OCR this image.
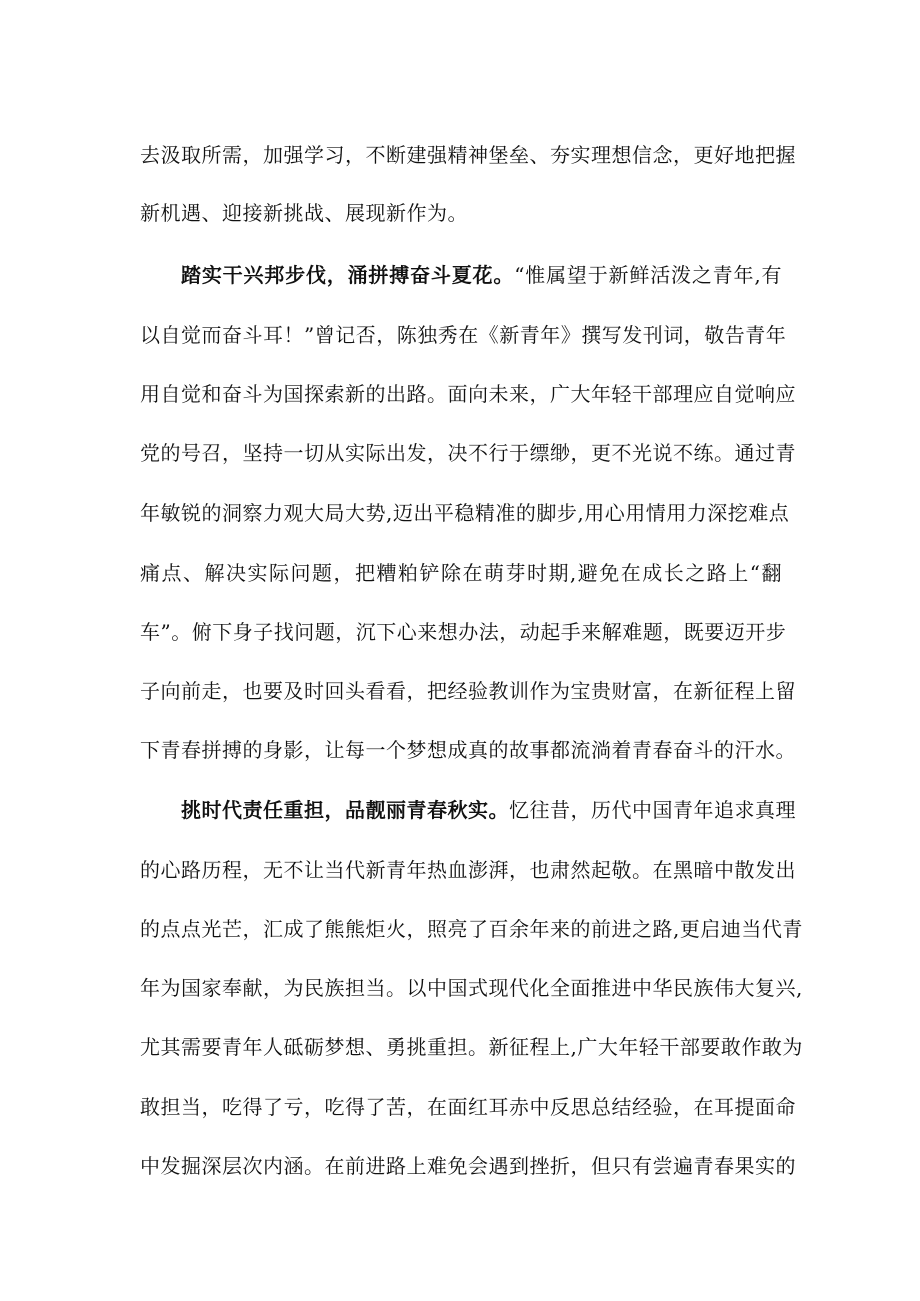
去汲取所需，加强学习，不断建强精神堡垒、夯实理想信念，更好地把握
新机遇、迎接新挑战、展现新作为。
踏实干兴邦步伐，涌拼搏奋斗夏花。“惟属望于新鲜活泼之青年,有
以自觉而奋斗耳！”曾记否，陈独秀在《新青年》撰写发刊词，敬告青年
用自觉和奋斗为国探索新的出路。面向未来，广大年轻干部理应自觉响应
党的号召，坚持一切从实际出发，决不行于缥缈，更不光说不练。通过青
年敏锐的洞察力观大局大势,迈出平稳精准的脚步,用心用情用力深挖难点
痛点、解决实际问题，把糟粕铲除在萌芽时期,避免在成长之路上“翻
车”。俯下身子找问题，沉下心来想办法，动起手来解难题，既要迈开步
子向前走，也要及时回头看看，把经验教训作为宝贵财富，在新征程上留
下青春拼搏的身影，让每一个梦想成真的故事都流淌着青春奋斗的汗水。
挑时代责任重担，品靓丽青春秋实。忆往昔，历代中国青年追求真理
的心路历程，无不让当代新青年热血澎湃，也肃然起敬。在黑暗中散发出
的点点光芒，汇成了熊熊炬火，照亮了百余年来的前进之路,更启迪当代青
年为国家奉献，为民族担当。以中国式现代化全面推进中华民族伟大复兴,
尤其需要青年人砥砺梦想、勇挑重担。新征程上,广大年轻干部要敢作敢为
敢担当，吃得了亏，吃得了苦，在面红耳赤中反思总结经验，在耳提面命
中发掘深层次内涵。在前进路上难免会遇到挫折，但只有尝遍青春果实的
